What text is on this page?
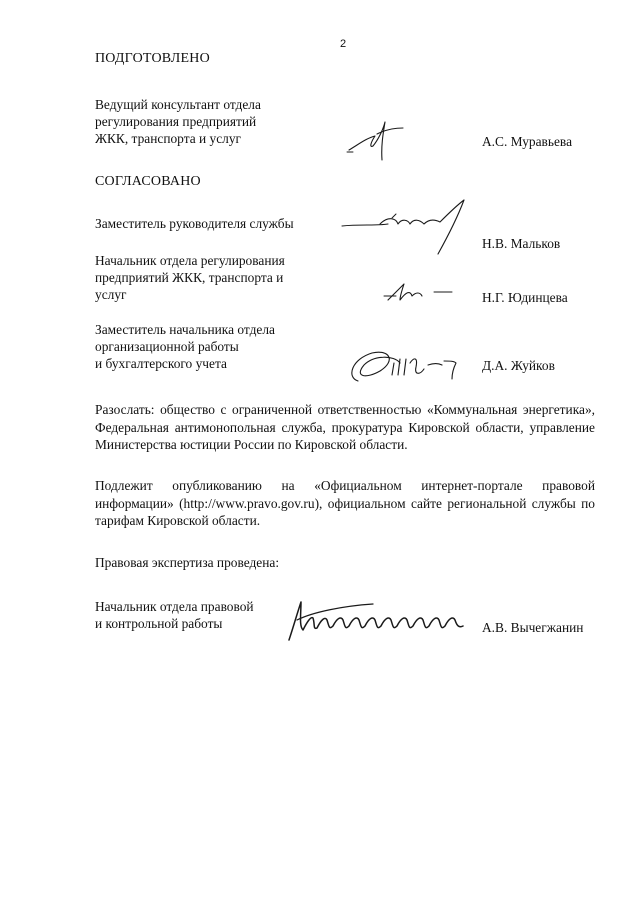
2
ПОДГОТОВЛЕНО
Ведущий консультант отдела
регулирования предприятий
ЖКК, транспорта и услуг	А.С. Муравьева
СОГЛАСОВАНО
Заместитель руководителя службы
Н.В. Мальков
Начальник отдела регулирования
предприятий ЖКК, транспорта и
услуг	Н.Г. Юдинцева
Заместитель начальника отдела
организационной работы
и бухгалтерского учета	Д.А. Жуйков
Разослать: общество с ограниченной ответственностью «Коммунальная энергетика», Федеральная антимонопольная служба, прокуратура Кировской области, управление Министерства юстиции России по Кировской области.
Подлежит опубликованию на «Официальном интернет-портале правовой информации» (http://www.pravo.gov.ru), официальном сайте региональной службы по тарифам Кировской области.
Правовая экспертиза проведена:
Начальник отдела правовой
и контрольной работы	А.В. Вычегжанин
